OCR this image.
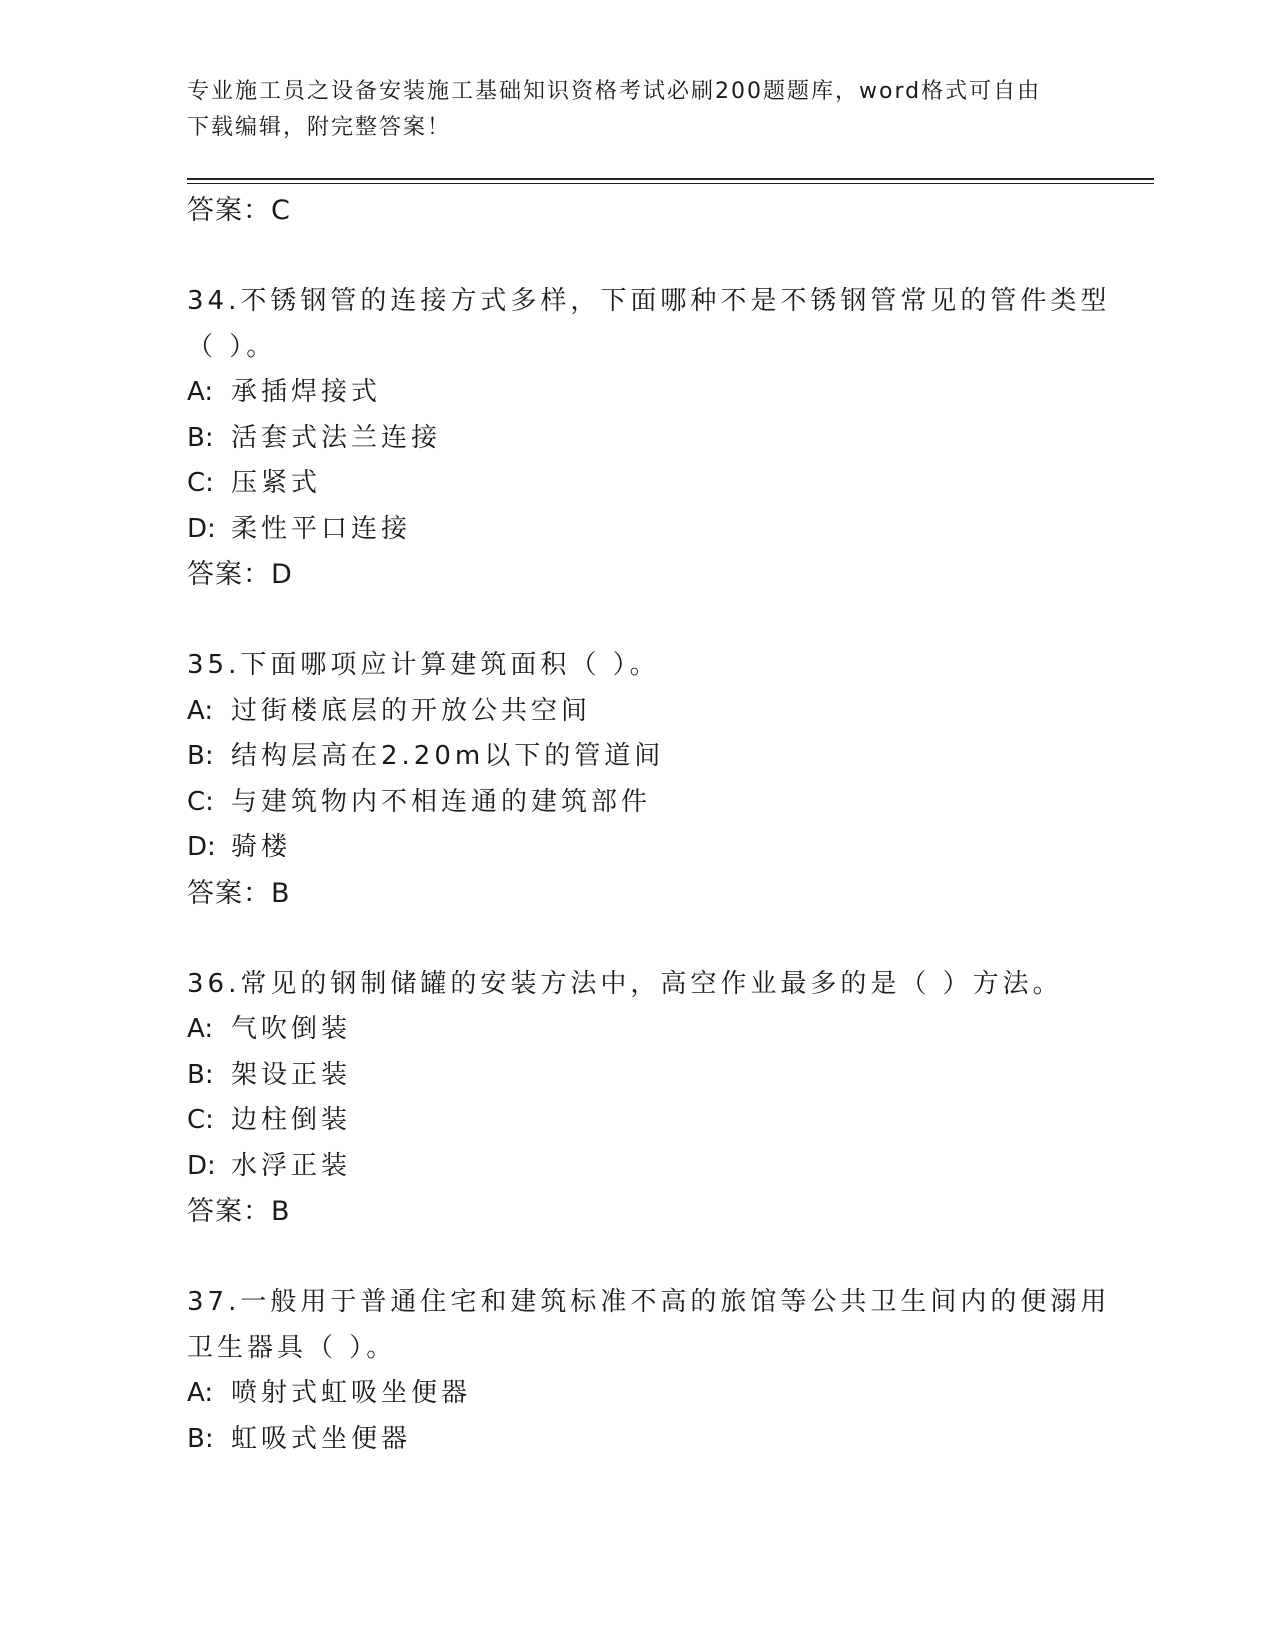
专业施工员之设备安装施工基础知识资格考试必刷200题题库，word格式可自由
下载编辑，附完整答案！

答案：C

34.不锈钢管的连接方式多样，下面哪种不是不锈钢管常见的管件类型

（ ）。

A: 承插焊接式

B: 活套式法兰连接

C: 压紧式

D: 柔性平口连接

答案：D

35.下面哪项应计算建筑面积（ ）。

A: 过街楼底层的开放公共空间

B: 结构层高在2.20m以下的管道间

C: 与建筑物内不相连通的建筑部件

D: 骑楼

答案：B

36.常见的钢制储罐的安装方法中，高空作业最多的是（ ）方法。

A: 气吹倒装

B: 架设正装

C: 边柱倒装

D: 水浮正装

答案：B

37.一般用于普通住宅和建筑标准不高的旅馆等公共卫生间内的便溺用

卫生器具（ ）。

A: 喷射式虹吸坐便器

B: 虹吸式坐便器
